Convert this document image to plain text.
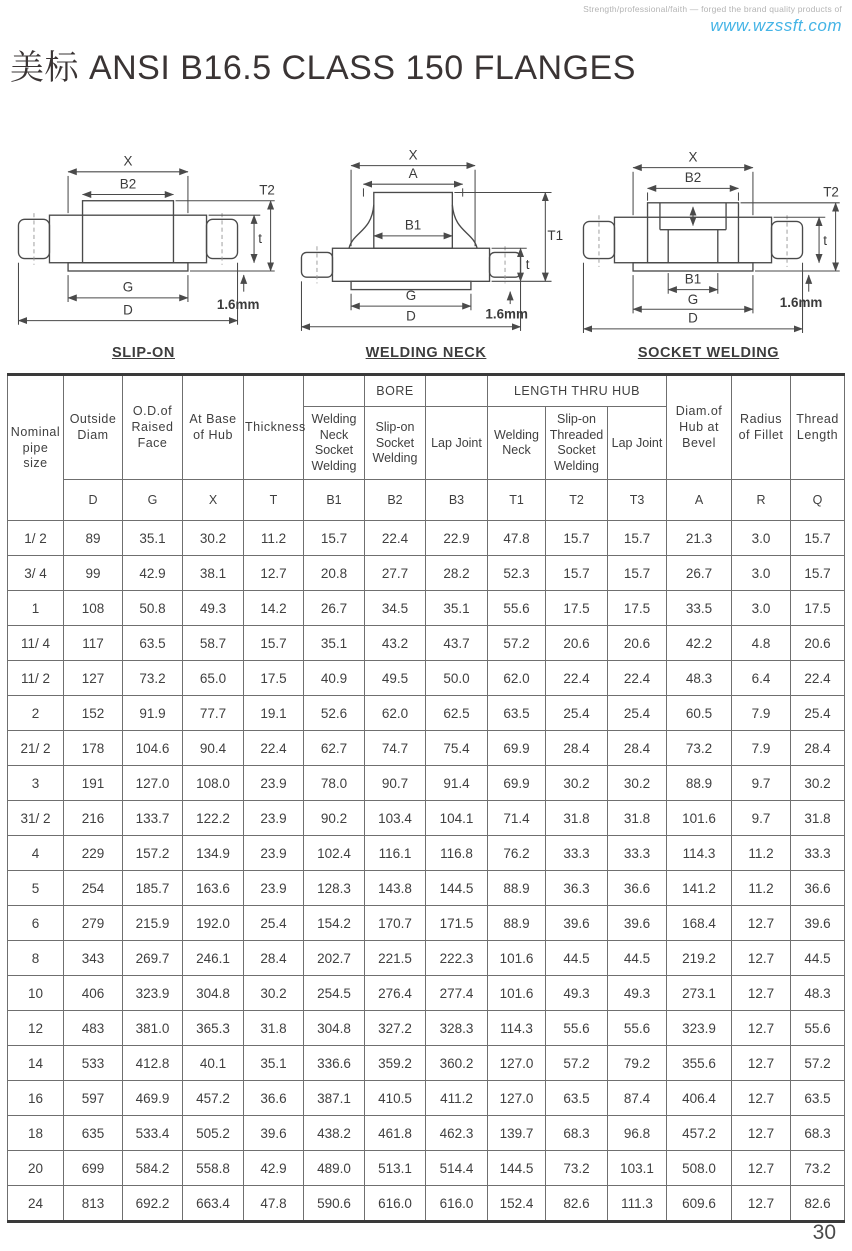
Strength/professional/faith — forged the brand quality products of
www.wzssft.com
美标 ANSI B16.5 CLASS 150 FLANGES
X
B2
G
D
t
T2
1.6mm
SLIP-ON
X
A
B1
G
D
t
T1
1.6mm
WELDING NECK
X
B2
B1
G
D
t
T2
1.6mm
SOCKET WELDING
Nominal pipe size	Outside Diam	O.D.of Raised Face	At Base of Hub	Thickness		BORE		LENGTH THRU HUB			Diam.of Hub at Bevel	Radius of Fillet	Thread Length
					Welding Neck Socket Welding	Slip-on Socket Welding	Lap Joint	Welding Neck	Slip-on Threaded Socket Welding	Lap Joint			
	D	G	X	T	B1	B2	B3	T1	T2	T3	A	R	Q
1/ 2	89	35.1	30.2	11.2	15.7	22.4	22.9	47.8	15.7	15.7	21.3	3.0	15.7
3/ 4	99	42.9	38.1	12.7	20.8	27.7	28.2	52.3	15.7	15.7	26.7	3.0	15.7
1	108	50.8	49.3	14.2	26.7	34.5	35.1	55.6	17.5	17.5	33.5	3.0	17.5
11/ 4	117	63.5	58.7	15.7	35.1	43.2	43.7	57.2	20.6	20.6	42.2	4.8	20.6
11/ 2	127	73.2	65.0	17.5	40.9	49.5	50.0	62.0	22.4	22.4	48.3	6.4	22.4
2	152	91.9	77.7	19.1	52.6	62.0	62.5	63.5	25.4	25.4	60.5	7.9	25.4
21/ 2	178	104.6	90.4	22.4	62.7	74.7	75.4	69.9	28.4	28.4	73.2	7.9	28.4
3	191	127.0	108.0	23.9	78.0	90.7	91.4	69.9	30.2	30.2	88.9	9.7	30.2
31/ 2	216	133.7	122.2	23.9	90.2	103.4	104.1	71.4	31.8	31.8	101.6	9.7	31.8
4	229	157.2	134.9	23.9	102.4	116.1	116.8	76.2	33.3	33.3	114.3	11.2	33.3
5	254	185.7	163.6	23.9	128.3	143.8	144.5	88.9	36.3	36.6	141.2	11.2	36.6
6	279	215.9	192.0	25.4	154.2	170.7	171.5	88.9	39.6	39.6	168.4	12.7	39.6
8	343	269.7	246.1	28.4	202.7	221.5	222.3	101.6	44.5	44.5	219.2	12.7	44.5
10	406	323.9	304.8	30.2	254.5	276.4	277.4	101.6	49.3	49.3	273.1	12.7	48.3
12	483	381.0	365.3	31.8	304.8	327.2	328.3	114.3	55.6	55.6	323.9	12.7	55.6
14	533	412.8	40.1	35.1	336.6	359.2	360.2	127.0	57.2	79.2	355.6	12.7	57.2
16	597	469.9	457.2	36.6	387.1	410.5	411.2	127.0	63.5	87.4	406.4	12.7	63.5
18	635	533.4	505.2	39.6	438.2	461.8	462.3	139.7	68.3	96.8	457.2	12.7	68.3
20	699	584.2	558.8	42.9	489.0	513.1	514.4	144.5	73.2	103.1	508.0	12.7	73.2
24	813	692.2	663.4	47.8	590.6	616.0	616.0	152.4	82.6	111.3	609.6	12.7	82.6
30
